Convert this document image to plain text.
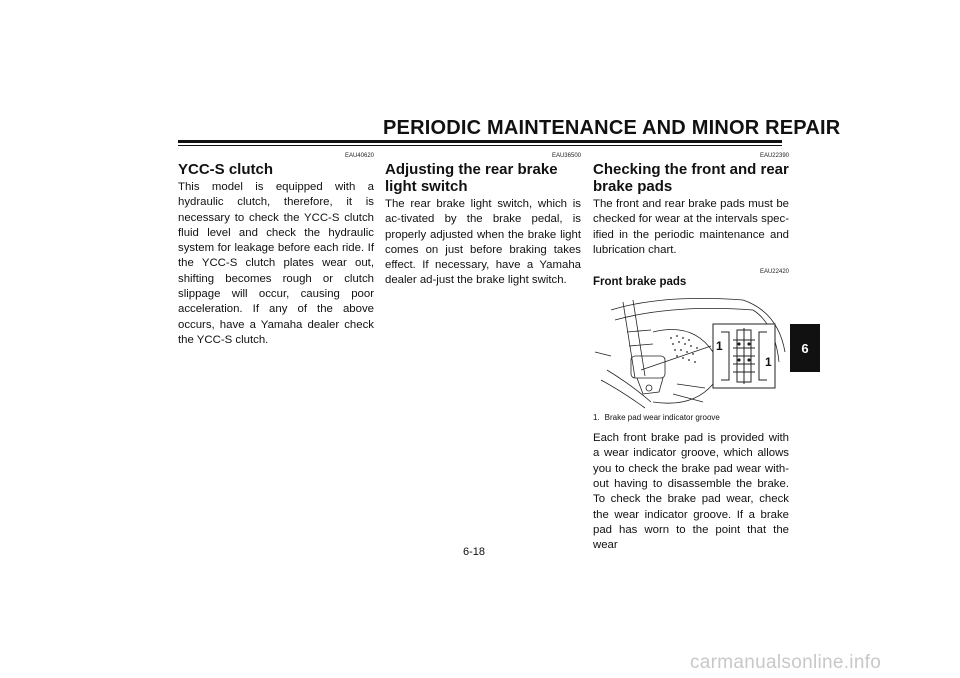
PERIODIC MAINTENANCE AND MINOR REPAIR
EAU40620
YCC-S clutch

This model is equipped with a hydraulic clutch, therefore, it is necessary to check the YCC-S clutch fluid level and check the hydraulic system for leakage before each ride. If the YCC-S clutch plates wear out, shifting becomes rough or clutch slippage will occur, causing poor acceleration. If any of the above occurs, have a Yamaha dealer check the YCC-S clutch.

EAU36500
Adjusting the rear brake light switch

The rear brake light switch, which is ac-tivated by the brake pedal, is properly adjusted when the brake light comes on just before braking takes effect. If necessary, have a Yamaha dealer ad-just the brake light switch.

EAU22390
Checking the front and rear brake pads

The front and rear brake pads must be checked for wear at the intervals spec-ified in the periodic maintenance and lubrication chart.

EAU22420
Front brake pads
1
1
1. Brake pad wear indicator groove

Each front brake pad is provided with a wear indicator groove, which allows you to check the brake pad wear with-out having to disassemble the brake. To check the brake pad wear, check the wear indicator groove. If a brake pad has worn to the point that the wear

6
6-18
carmanualsonline.info
